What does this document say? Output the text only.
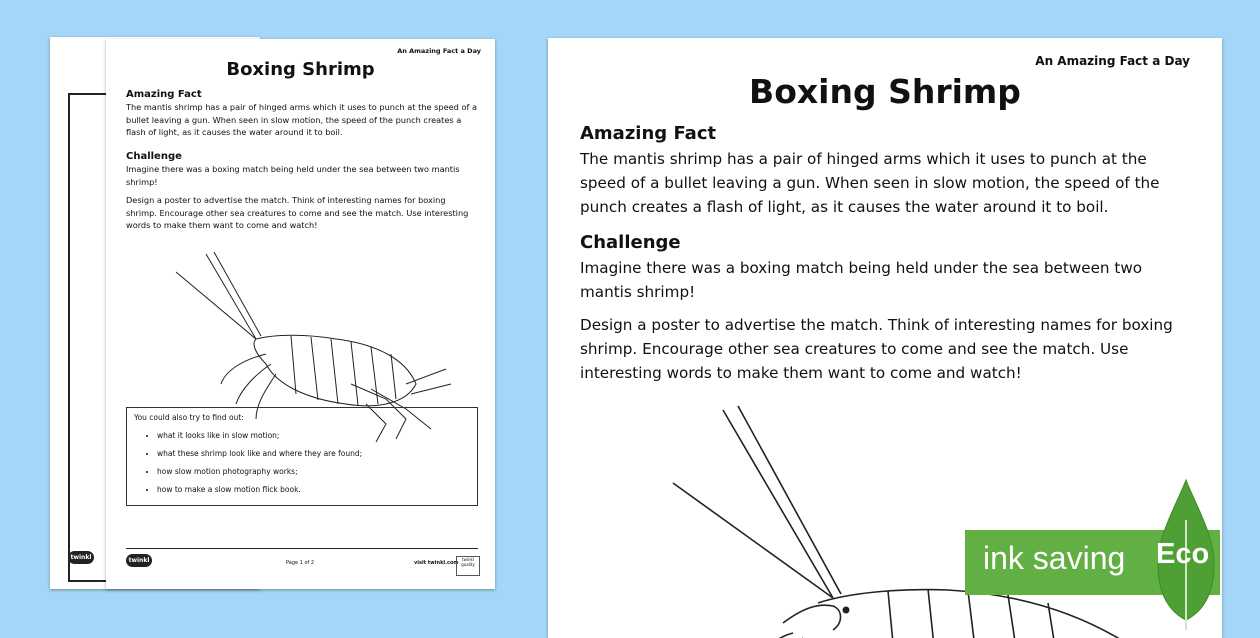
twinkl
An Amazing Fact a Day
Boxing Shrimp
Amazing Fact
The mantis shrimp has a pair of hinged arms which it uses to punch at the speed of a bullet leaving a gun. When seen in slow motion, the speed of the punch creates a flash of light, as it causes the water around it to boil.
Challenge
Imagine there was a boxing match being held under the sea between two mantis shrimp!
Design a poster to advertise the match. Think of interesting names for boxing shrimp. Encourage other sea creatures to come and see the match. Use interesting words to make them want to come and watch!
You could also try to find out:
• what it looks like in slow motion;
• what these shrimp look like and where they are found;
• how slow motion photography works;
• how to make a slow motion flick book.
twinkl	Page 1 of 2	visit twinkl.com
twinkl quality
An Amazing Fact a Day
Boxing Shrimp
Amazing Fact
The mantis shrimp has a pair of hinged arms which it uses to punch at the speed of a bullet leaving a gun. When seen in slow motion, the speed of the punch creates a flash of light, as it causes the water around it to boil.
Challenge
Imagine there was a boxing match being held under the sea between two mantis shrimp!
Design a poster to advertise the match. Think of interesting names for boxing shrimp. Encourage other sea creatures to come and see the match. Use interesting words to make them want to come and watch!
ink saving Eco
